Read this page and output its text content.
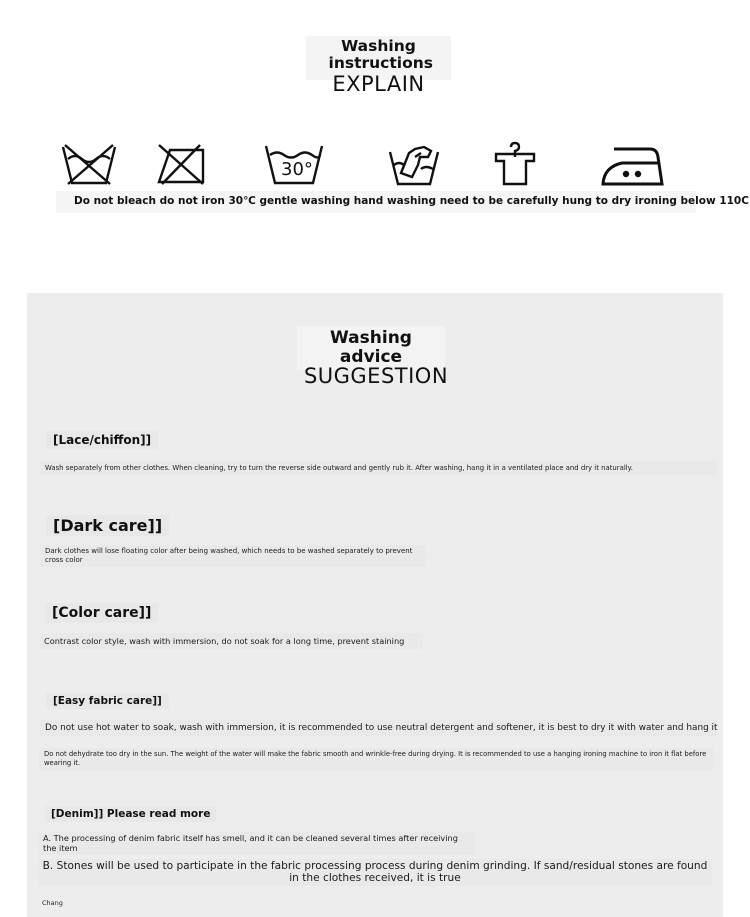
Washing instructions
EXPLAIN
30°
Do not bleach do not iron 30℃ gentle washing hand washing need to be carefully hung to dry ironing below 110C
Washing advice
SUGGESTION
[Lace/chiffon]]
Wash separately from other clothes. When cleaning, try to turn the reverse side outward and gently rub it. After washing, hang it in a ventilated place and dry it naturally.
[Dark care]]
Dark clothes will lose floating color after being washed, which needs to be washed separately to prevent cross color
[Color care]]
Contrast color style, wash with immersion, do not soak for a long time, prevent staining
[Easy fabric care]]
Do not use hot water to soak, wash with immersion, it is recommended to use neutral detergent and softener, it is best to dry it with water and hang it
Do not dehydrate too dry in the sun. The weight of the water will make the fabric smooth and wrinkle-free during drying. It is recommended to use a hanging ironing machine to iron it flat before wearing it.
[Denim]] Please read more
A. The processing of denim fabric itself has smell, and it can be cleaned several times after receiving the item
B. Stones will be used to participate in the fabric processing process during denim grinding. If sand/residual stones are found in the clothes received, it is true
Chang
